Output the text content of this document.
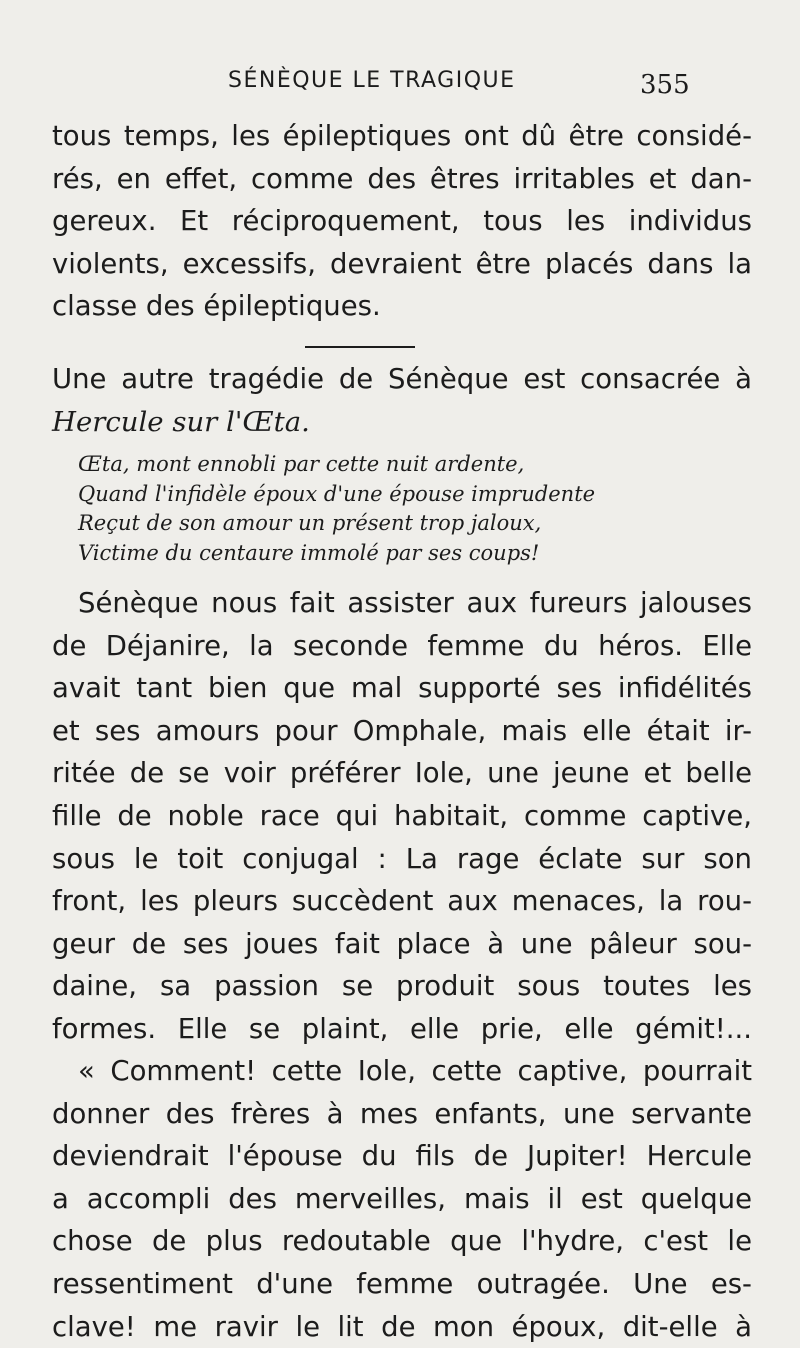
SÉNÈQUE LE TRAGIQUE	355

tous temps, les épileptiques ont dû être considé-
rés, en effet, comme des êtres irritables et dan-
gereux. Et réciproquement, tous les individus
violents, excessifs, devraient être placés dans la
classe des épileptiques.

Une autre tragédie de Sénèque est consacrée à
Hercule sur l'Œta.

Œta, mont ennobli par cette nuit ardente,
Quand l'infidèle époux d'une épouse imprudente
Reçut de son amour un présent trop jaloux,
Victime du centaure immolé par ses coups!

Sénèque nous fait assister aux fureurs jalouses
de Déjanire, la seconde femme du héros. Elle
avait tant bien que mal supporté ses infidélités
et ses amours pour Omphale, mais elle était ir-
ritée de se voir préférer Iole, une jeune et belle
fille de noble race qui habitait, comme captive,
sous le toit conjugal : La rage éclate sur son
front, les pleurs succèdent aux menaces, la rou-
geur de ses joues fait place à une pâleur sou-
daine, sa passion se produit sous toutes les
formes. Elle se plaint, elle prie, elle gémit!...

« Comment! cette Iole, cette captive, pourrait
donner des frères à mes enfants, une servante
deviendrait l'épouse du fils de Jupiter! Hercule
a accompli des merveilles, mais il est quelque
chose de plus redoutable que l'hydre, c'est le
ressentiment d'une femme outragée. Une es-
clave! me ravir le lit de mon époux, dit-elle à
